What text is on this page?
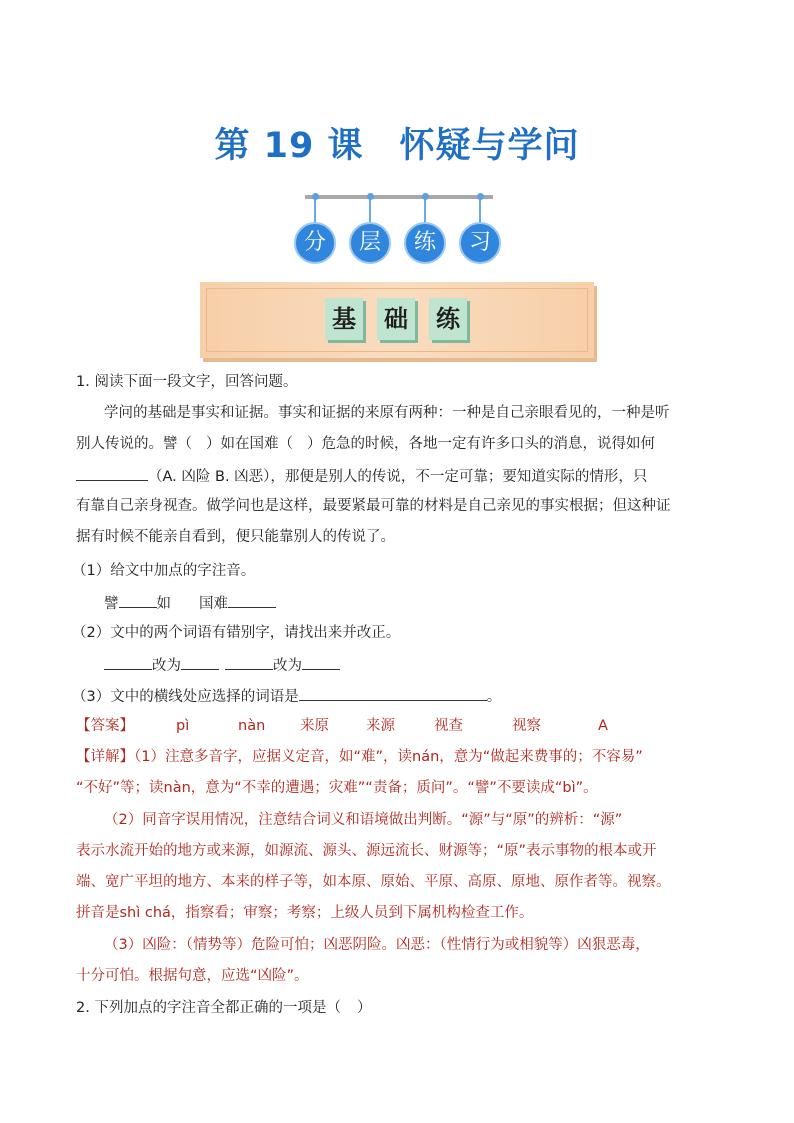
第 19 课 怀疑与学问
分	层	练	习
基 础 练
1. 阅读下面一段文字，回答问题。
学问的基础是事实和证据。事实和证据的来原有两种：一种是自己亲眼看见的，一种是听
别人传说的。譬（ ）如在国难（ ）危急的时候，各地一定有许多口头的消息，说得如何
（A. 凶险 B. 凶恶），那便是别人的传说，不一定可靠；要知道实际的情形，只
有靠自己亲身视查。做学问也是这样，最要紧最可靠的材料是自己亲见的事实根据；但这种证
据有时候不能亲自看到，便只能靠别人的传说了。
（1）给文中加点的字注音。
譬	如 国难
（2）文中的两个词语有错别字，请找出来并改正。
改为	改为
（3）文中的横线处应选择的词语是	。
【答案】	pì	nàn 来原	来源	视查	视察	A
【详解】（1）注意多音字，应据义定音，如“难”，读nán，意为“做起来费事的；不容易”
“不好”等；读nàn，意为“不幸的遭遇；灾难”“责备；质问”。“譬”不要读成“bì”。
（2）同音字误用情况，注意结合词义和语境做出判断。“源”与“原”的辨析：“源”
表示水流开始的地方或来源，如源流、源头、源远流长、财源等；“原”表示事物的根本或开
端、宽广平坦的地方、本来的样子等，如本原、原始、平原、高原、原地、原作者等。视察。
拼音是shì chá，指察看；审察；考察；上级人员到下属机构检查工作。
（3）凶险：（情势等）危险可怕；凶恶阴险。凶恶：（性情行为或相貌等）凶狠恶毒，
十分可怕。根据句意，应选“凶险”。
2. 下列加点的字注音全都正确的一项是（ ）
